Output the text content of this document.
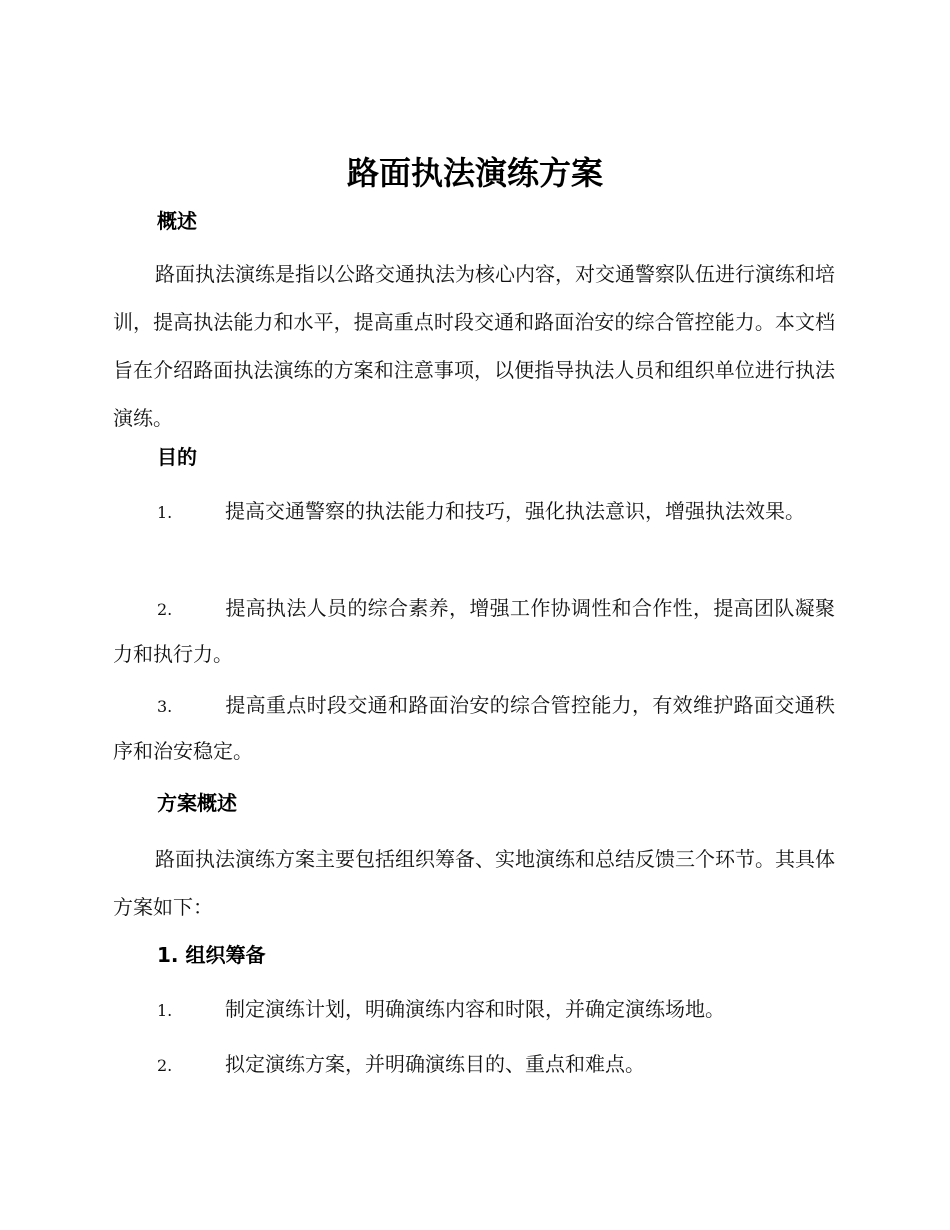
路面执法演练方案
概述
路面执法演练是指以公路交通执法为核心内容，对交通警察队伍进行演练和培训，提高执法能力和水平，提高重点时段交通和路面治安的综合管控能力。本文档旨在介绍路面执法演练的方案和注意事项，以便指导执法人员和组织单位进行执法演练。
目的
1.	提高交通警察的执法能力和技巧，强化执法意识，增强执法效果。
2.	提高执法人员的综合素养，增强工作协调性和合作性，提高团队凝聚力和执行力。
3.	提高重点时段交通和路面治安的综合管控能力，有效维护路面交通秩序和治安稳定。
方案概述
路面执法演练方案主要包括组织筹备、实地演练和总结反馈三个环节。其具体方案如下：
1. 组织筹备
1.	制定演练计划，明确演练内容和时限，并确定演练场地。
2.	拟定演练方案，并明确演练目的、重点和难点。
